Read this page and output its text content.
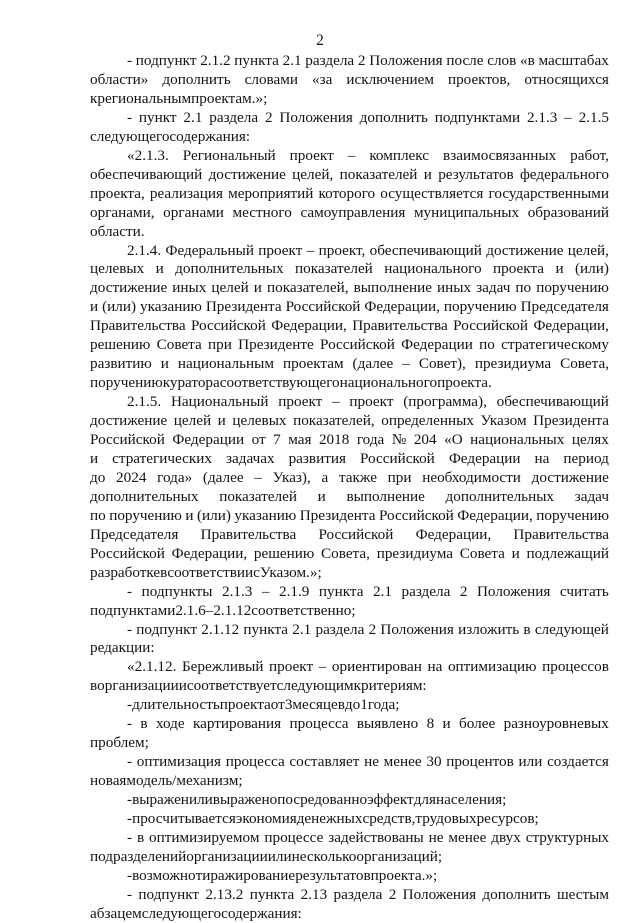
2
- подпункт 2.1.2 пункта 2.1 раздела 2 Положения после слов «в масштабах
области» дополнить словами «за исключением проектов, относящихся
к региональным проектам.»;
- пункт 2.1 раздела 2 Положения дополнить подпунктами 2.1.3 – 2.1.5
следующего содержания:
«2.1.3. Региональный проект – комплекс взаимосвязанных работ,
обеспечивающий достижение целей, показателей и результатов федерального
проекта, реализация мероприятий которого осуществляется государственными
органами, органами местного самоуправления муниципальных образований
области.
2.1.4. Федеральный проект – проект, обеспечивающий достижение целей,
целевых и дополнительных показателей национального проекта и (или)
достижение иных целей и показателей, выполнение иных задач по поручению
и (или) указанию Президента Российской Федерации, поручению Председателя
Правительства Российской Федерации, Правительства Российской Федерации,
решению Совета при Президенте Российской Федерации по стратегическому
развитию и национальным проектам (далее – Совет), президиума Совета,
поручению куратора соответствующего национального проекта.
2.1.5. Национальный проект – проект (программа), обеспечивающий
достижение целей и целевых показателей, определенных Указом Президента
Российской Федерации от 7 мая 2018 года № 204 «О национальных целях
и стратегических задачах развития Российской Федерации на период
до 2024 года» (далее – Указ), а также при необходимости достижение
дополнительных показателей и выполнение дополнительных задач
по поручению и (или) указанию Президента Российской Федерации, поручению
Председателя Правительства Российской Федерации, Правительства
Российской Федерации, решению Совета, президиума Совета и подлежащий
разработке в соответствии с Указом.»;
- подпункты 2.1.3 – 2.1.9 пункта 2.1 раздела 2 Положения считать
подпунктами 2.1.6 – 2.1.12 соответственно;
- подпункт 2.1.12 пункта 2.1 раздела 2 Положения изложить в следующей
редакции:
«2.1.12. Бережливый проект – ориентирован на оптимизацию процессов
в организации и соответствует следующим критериям:
- длительность проекта от 3 месяцев до 1 года;
- в ходе картирования процесса выявлено 8 и более разноуровневых
проблем;
- оптимизация процесса составляет не менее 30 процентов или создается
новая модель/механизм;
- выражен или выражен опосредованно эффект для населения;
- просчитывается экономия денежных средств, трудовых ресурсов;
- в оптимизируемом процессе задействованы не менее двух структурных
подразделений организации или несколько организаций;
- возможно тиражирование результатов проекта.»;
- подпункт 2.13.2 пункта 2.13 раздела 2 Положения дополнить шестым
абзацем следующего содержания:
